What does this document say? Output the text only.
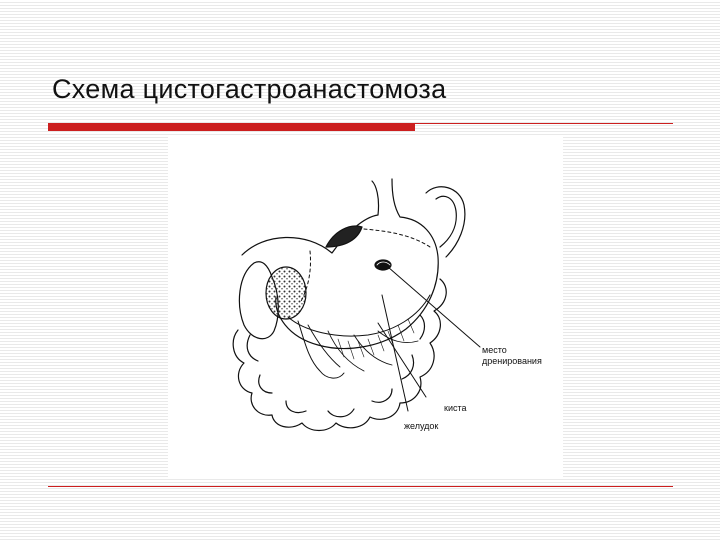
Схема цистогастроанастомоза
место
дренирования
киста
желудок
